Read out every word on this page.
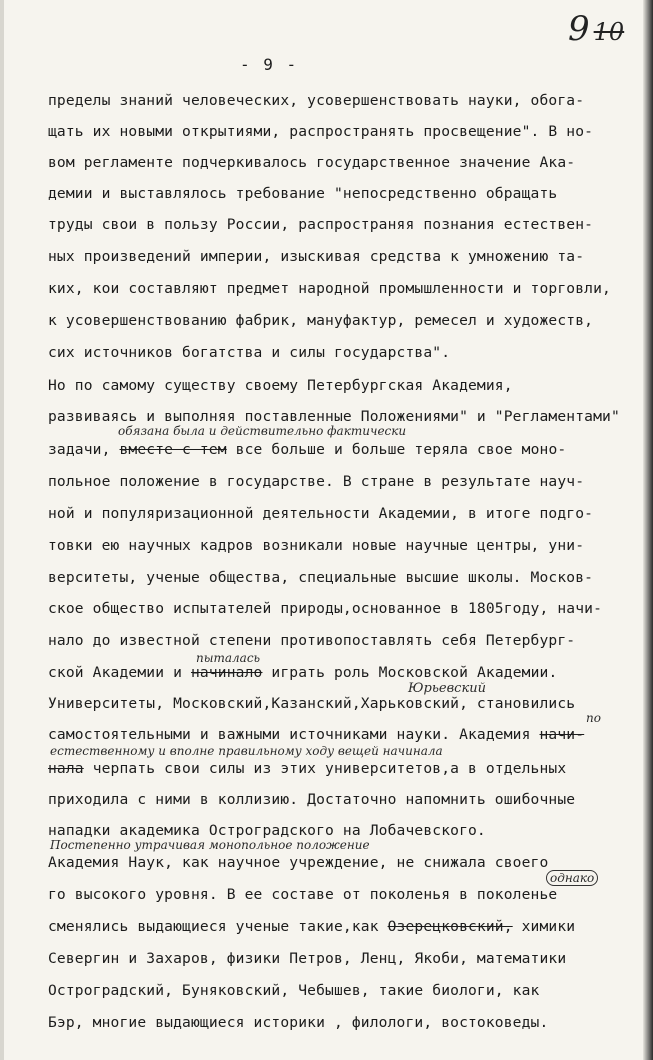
9 10
- 9 -
пределы знаний человеческих, усовершенствовать науки, обога-
щать их новыми открытиями, распространять просвещение". В но-
вом регламенте подчеркивалось государственное значение Ака-
демии и выставлялось требование "непосредственно обращать
труды свои в пользу России, распространяя познания естествен-
ных произведений империи, изыскивая средства к умножению та-
ких, кои составляют предмет народной промышленности и торговли,
к усовершенствованию фабрик, мануфактур, ремесел и художеств,
сих источников богатства и силы государства".
Но по самому существу своему Петербургская Академия,
развиваясь и выполняя поставленные Положениями" и "Регламентами"
обязана была и действительно фактически
задачи, вместе с тем все больше и больше теряла свое моно-
польное положение в государстве. В стране в результате науч-
ной и популяризационной деятельности Академии, в итоге подго-
товки ею научных кадров возникали новые научные центры, уни-
верситеты, ученые общества, специальные высшие школы. Москов-
ское общество испытателей природы,основанное в 1805году, начи-
нало до известной степени противопоставлять себя Петербург-
пыталась
ской Академии и начинало играть роль Московской Академии.
Юрьевский
Университеты, Московский,Казанский,Харьковский, становились
по
самостоятельными и важными источниками науки. Академия начи-
естественному и вполне правильному ходу вещей начинала
нала черпать свои силы из этих университетов,а в отдельных
приходила с ними в коллизию. Достаточно напомнить ошибочные
нападки академика Остроградского на Лобачевского.
Постепенно утрачивая монопольное положение
однако
Академия Наук, как научное учреждение, не снижала своего
го высокого уровня. В ее составе от поколенья в поколенье
сменялись выдающиеся ученые такие,как Озерецковский, химики
Севергин и Захаров, физики Петров, Ленц, Якоби, математики
Остроградский, Буняковский, Чебышев, такие биологи, как
Бэр, многие выдающиеся историки , филологи, востоковеды.
